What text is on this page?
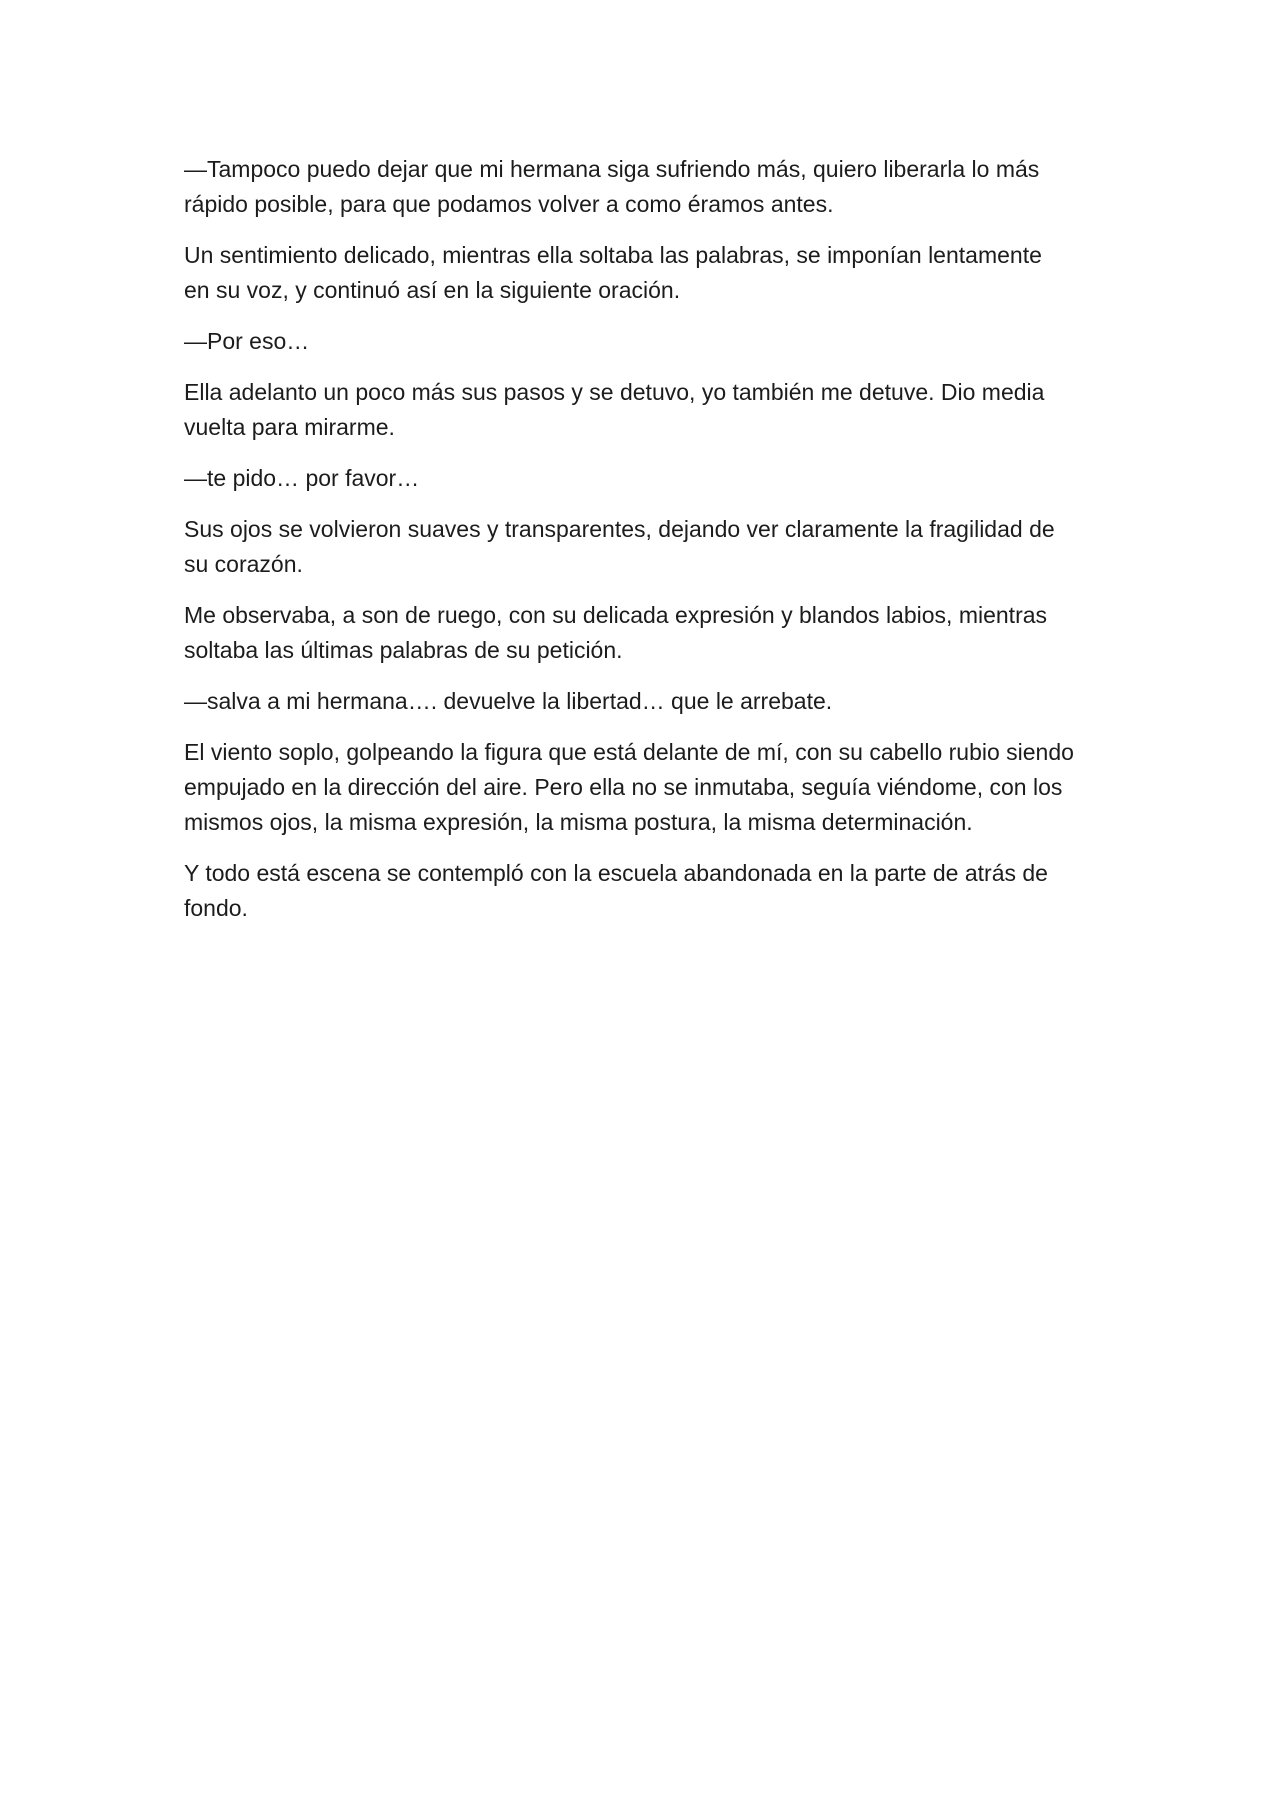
—Tampoco puedo dejar que mi hermana siga sufriendo más, quiero liberarla lo más
rápido posible, para que podamos volver a como éramos antes.

Un sentimiento delicado, mientras ella soltaba las palabras, se imponían lentamente
en su voz, y continuó así en la siguiente oración.

—Por eso…

Ella adelanto un poco más sus pasos y se detuvo, yo también me detuve. Dio media
vuelta para mirarme.

—te pido… por favor…

Sus ojos se volvieron suaves y transparentes, dejando ver claramente la fragilidad de
su corazón.

Me observaba, a son de ruego, con su delicada expresión y blandos labios, mientras
soltaba las últimas palabras de su petición.

—salva a mi hermana…. devuelve la libertad… que le arrebate.

El viento soplo, golpeando la figura que está delante de mí, con su cabello rubio siendo
empujado en la dirección del aire. Pero ella no se inmutaba, seguía viéndome, con los
mismos ojos, la misma expresión, la misma postura, la misma determinación.

Y todo está escena se contempló con la escuela abandonada en la parte de atrás de
fondo.
